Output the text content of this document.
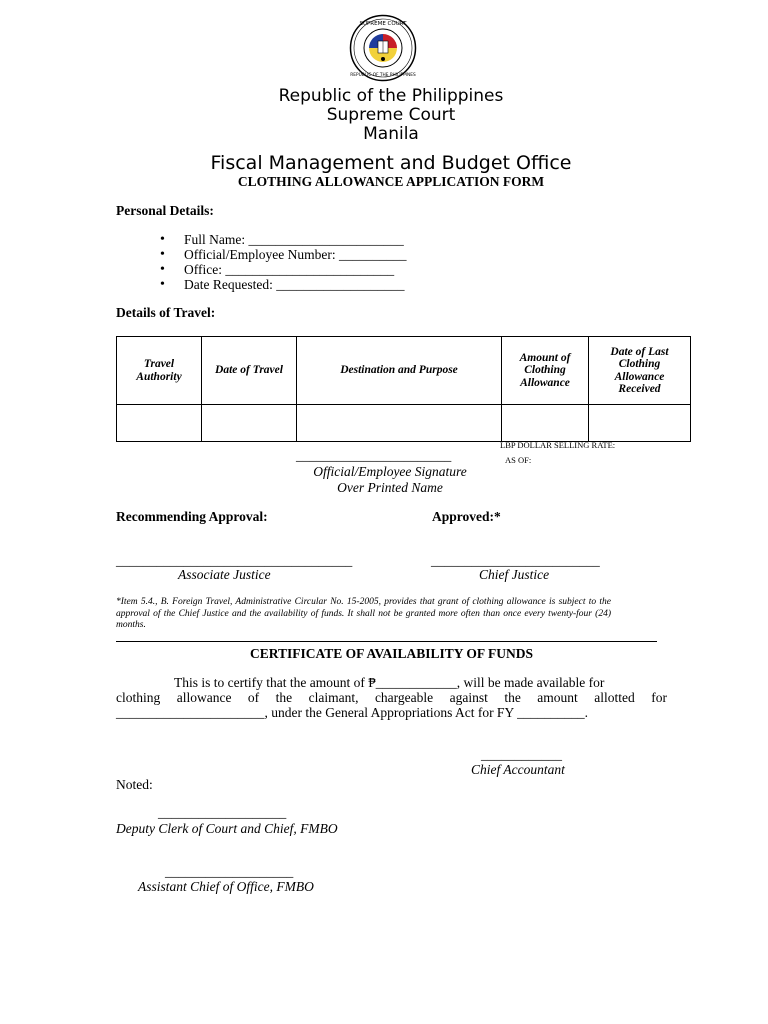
SUPREME COURT
REPUBLIC OF THE PHILIPPINES
Republic of the Philippines
Supreme Court
Manila
Fiscal Management and Budget Office
CLOTHING ALLOWANCE APPLICATION FORM
Personal Details:
• Full Name: _______________________
• Official/Employee Number: __________
• Office: _________________________
• Date Requested: ___________________
Details of Travel:
Travel Authority	Date of Travel	Destination and Purpose	Amount of Clothing Allowance	Date of Last Clothing Allowance Received

LBP DOLLAR SELLING RATE:
AS OF:
_______________________
Official/Employee Signature
Over Printed Name
Recommending Approval:	Approved:*
___________________________________
Associate Justice
_________________________
Chief Justice
*Item 5.4., B. Foreign Travel, Administrative Circular No. 15-2005, provides that grant of clothing allowance is subject to the approval of the Chief Justice and the availability of funds. It shall not be granted more often than once every twenty-four (24) months.
CERTIFICATE OF AVAILABILITY OF FUNDS
This is to certify that the amount of ₱____________, will be made available for
clothing allowance of the claimant, chargeable against the amount allotted for
______________________, under the General Appropriations Act for FY __________.
____________
Chief Accountant
Noted:
___________________
Deputy Clerk of Court and Chief, FMBO
___________________
Assistant Chief of Office, FMBO
